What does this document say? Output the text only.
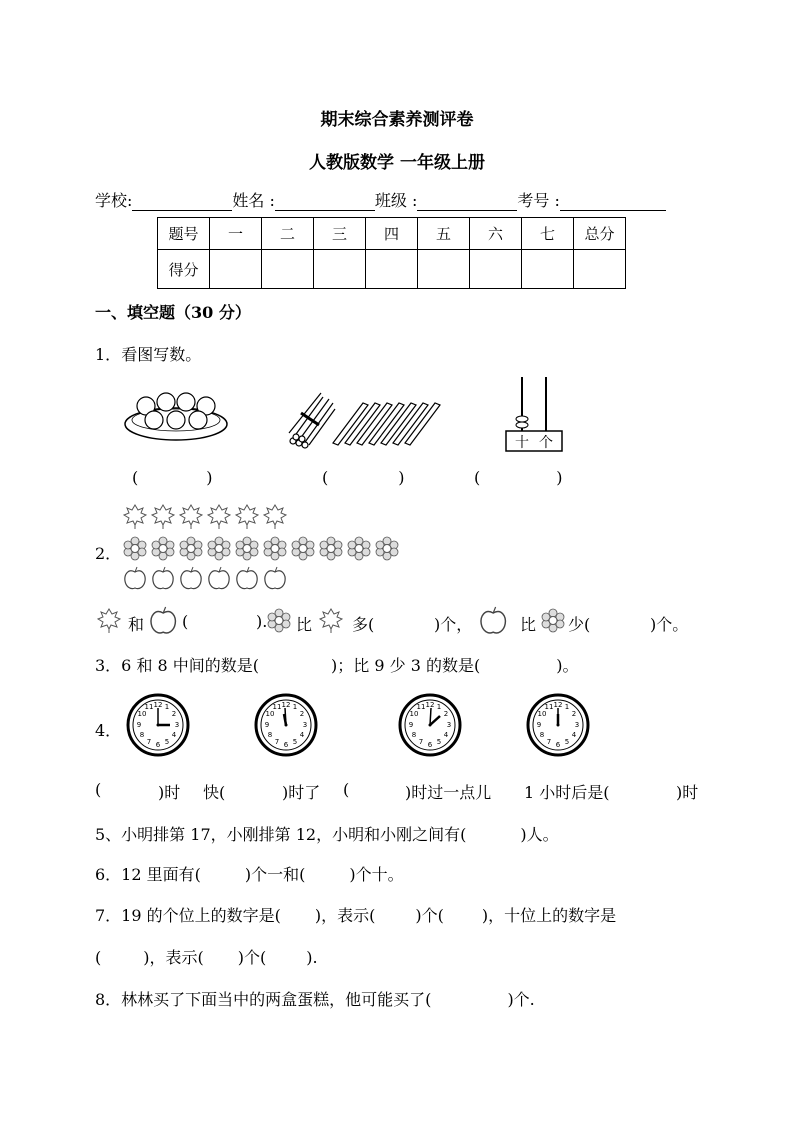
期末综合素养测评卷
人教版数学 一年级上册
学校:	姓名 :	班级 :	考号 :
题号	一	二	三	四	五	六	七	总分
得分								
一、填空题（30 分）
1．看图写数。
十 个
(	)	(	)	(	)
2．
和 (	). 比 多(	)个，	比 少(	)个。
3．6 和 8 中间的数是(	)；比 9 少 3 的数是(	)。
4．
12 1
2
3
4
5
6
7
8
9
10
11
(	)时 快(	)时了 (	)时过一点儿 1 小时后是(	)时
5、小明排第 17，小刚排第 12，小明和小刚之间有(	)人。
6．12 里面有(	)个一和(	)个十。
7．19 的个位上的数字是( )，表示(	)个( )，十位上的数字是
(	)，表示( )个(	).
8．林林买了下面当中的两盒蛋糕，他可能买了(	)个.
